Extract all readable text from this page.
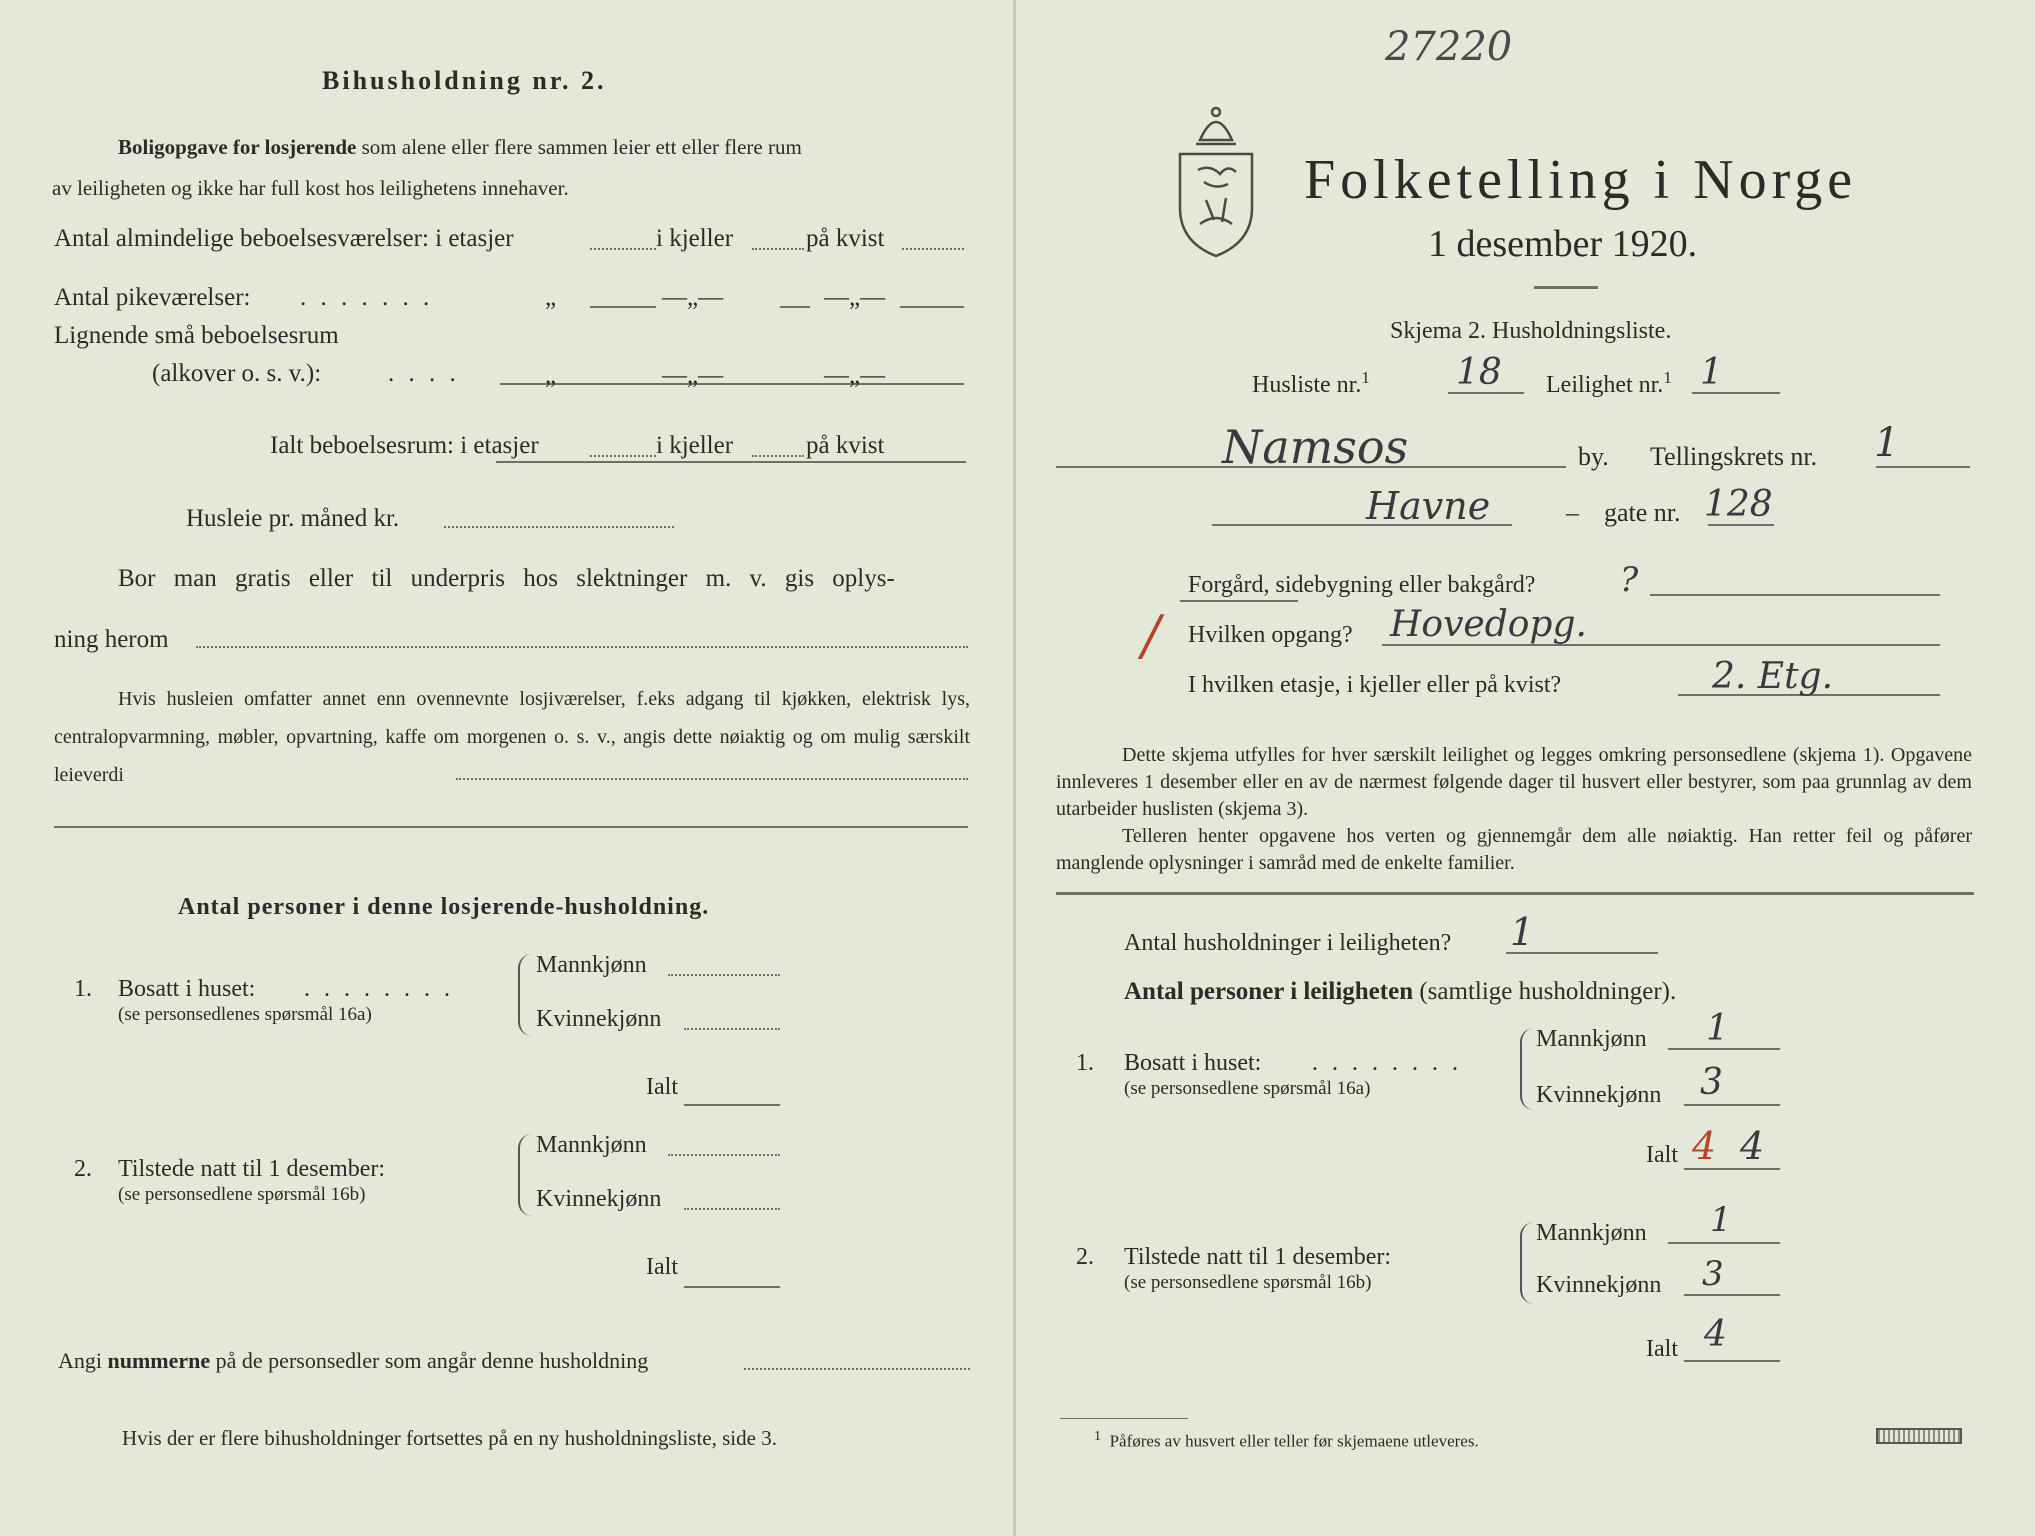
Bihusholdning nr. 2.
Boligopgave for losjerende som alene eller flere sammen leier ett eller flere rum
av leiligheten og ikke har full kost hos leilighetens innehaver.
Antal almindelige beboelsesværelser: i etasjer	i kjeller	på kvist
Antal pikeværelser: . . . . . . .	„	—„—	—„—
Lignende små beboelsesrum
(alkover o. s. v.):	. . . .	„	—„—	—„—
Ialt beboelsesrum: i etasjer	i kjeller	på kvist
Husleie pr. måned kr.
Bor man gratis eller til underpris hos slektninger m. v. gis oplys-
ning herom
Hvis husleien omfatter annet enn ovennevnte losjiværelser, f.eks adgang til kjøkken, elektrisk lys, centralopvarmning, møbler, opvartning, kaffe om morgenen o. s. v., angis dette nøiaktig og om mulig særskilt leieverdi
Antal personer i denne losjerende-husholdning.
1. Bosatt i huset: . . . . . . . .
(se personsedlenes spørsmål 16a)
Mannkjønn
Kvinnekjønn
Ialt
2. Tilstede natt til 1 desember:
(se personsedlene spørsmål 16b)
Mannkjønn
Kvinnekjønn
Ialt
Angi nummerne på de personsedler som angår denne husholdning
Hvis der er flere bihusholdninger fortsettes på en ny husholdningsliste, side 3.
27220
Folketelling i Norge
1 desember 1920.
Skjema 2. Husholdningsliste.
Husliste nr.$^1$ 18 Leilighet nr.$^1$ 1
Namsos	by. Tellingskrets nr. 1
Havne	– gate nr. 128
Forgård, sidebygning eller bakgård? ?
/ Hvilken opgang? Hovedopg.
I hvilken etasje, i kjeller eller på kvist?	2. Etg.
Dette skjema utfylles for hver særskilt leilighet og legges omkring personsedlene (skjema 1). Opgavene innleveres 1 desember eller en av de nærmest følgende dager til husvert eller bestyrer, som paa grunnlag av dem utarbeider huslisten (skjema 3).
Telleren henter opgavene hos verten og gjennemgår dem alle nøiaktig. Han retter feil og påfører manglende oplysninger i samråd med de enkelte familier.
Antal husholdninger i leiligheten? 1
Antal personer i leiligheten (samtlige husholdninger).
1. Bosatt i huset: . . . . . . . .
(se personsedlene spørsmål 16a)
Mannkjønn 1
Kvinnekjønn 3
Ialt 4 4
2. Tilstede natt til 1 desember:
(se personsedlene spørsmål 16b)
Mannkjønn 1
Kvinnekjønn 3
Ialt 4
$^1$ Påføres av husvert eller teller før skjemaene utleveres.
